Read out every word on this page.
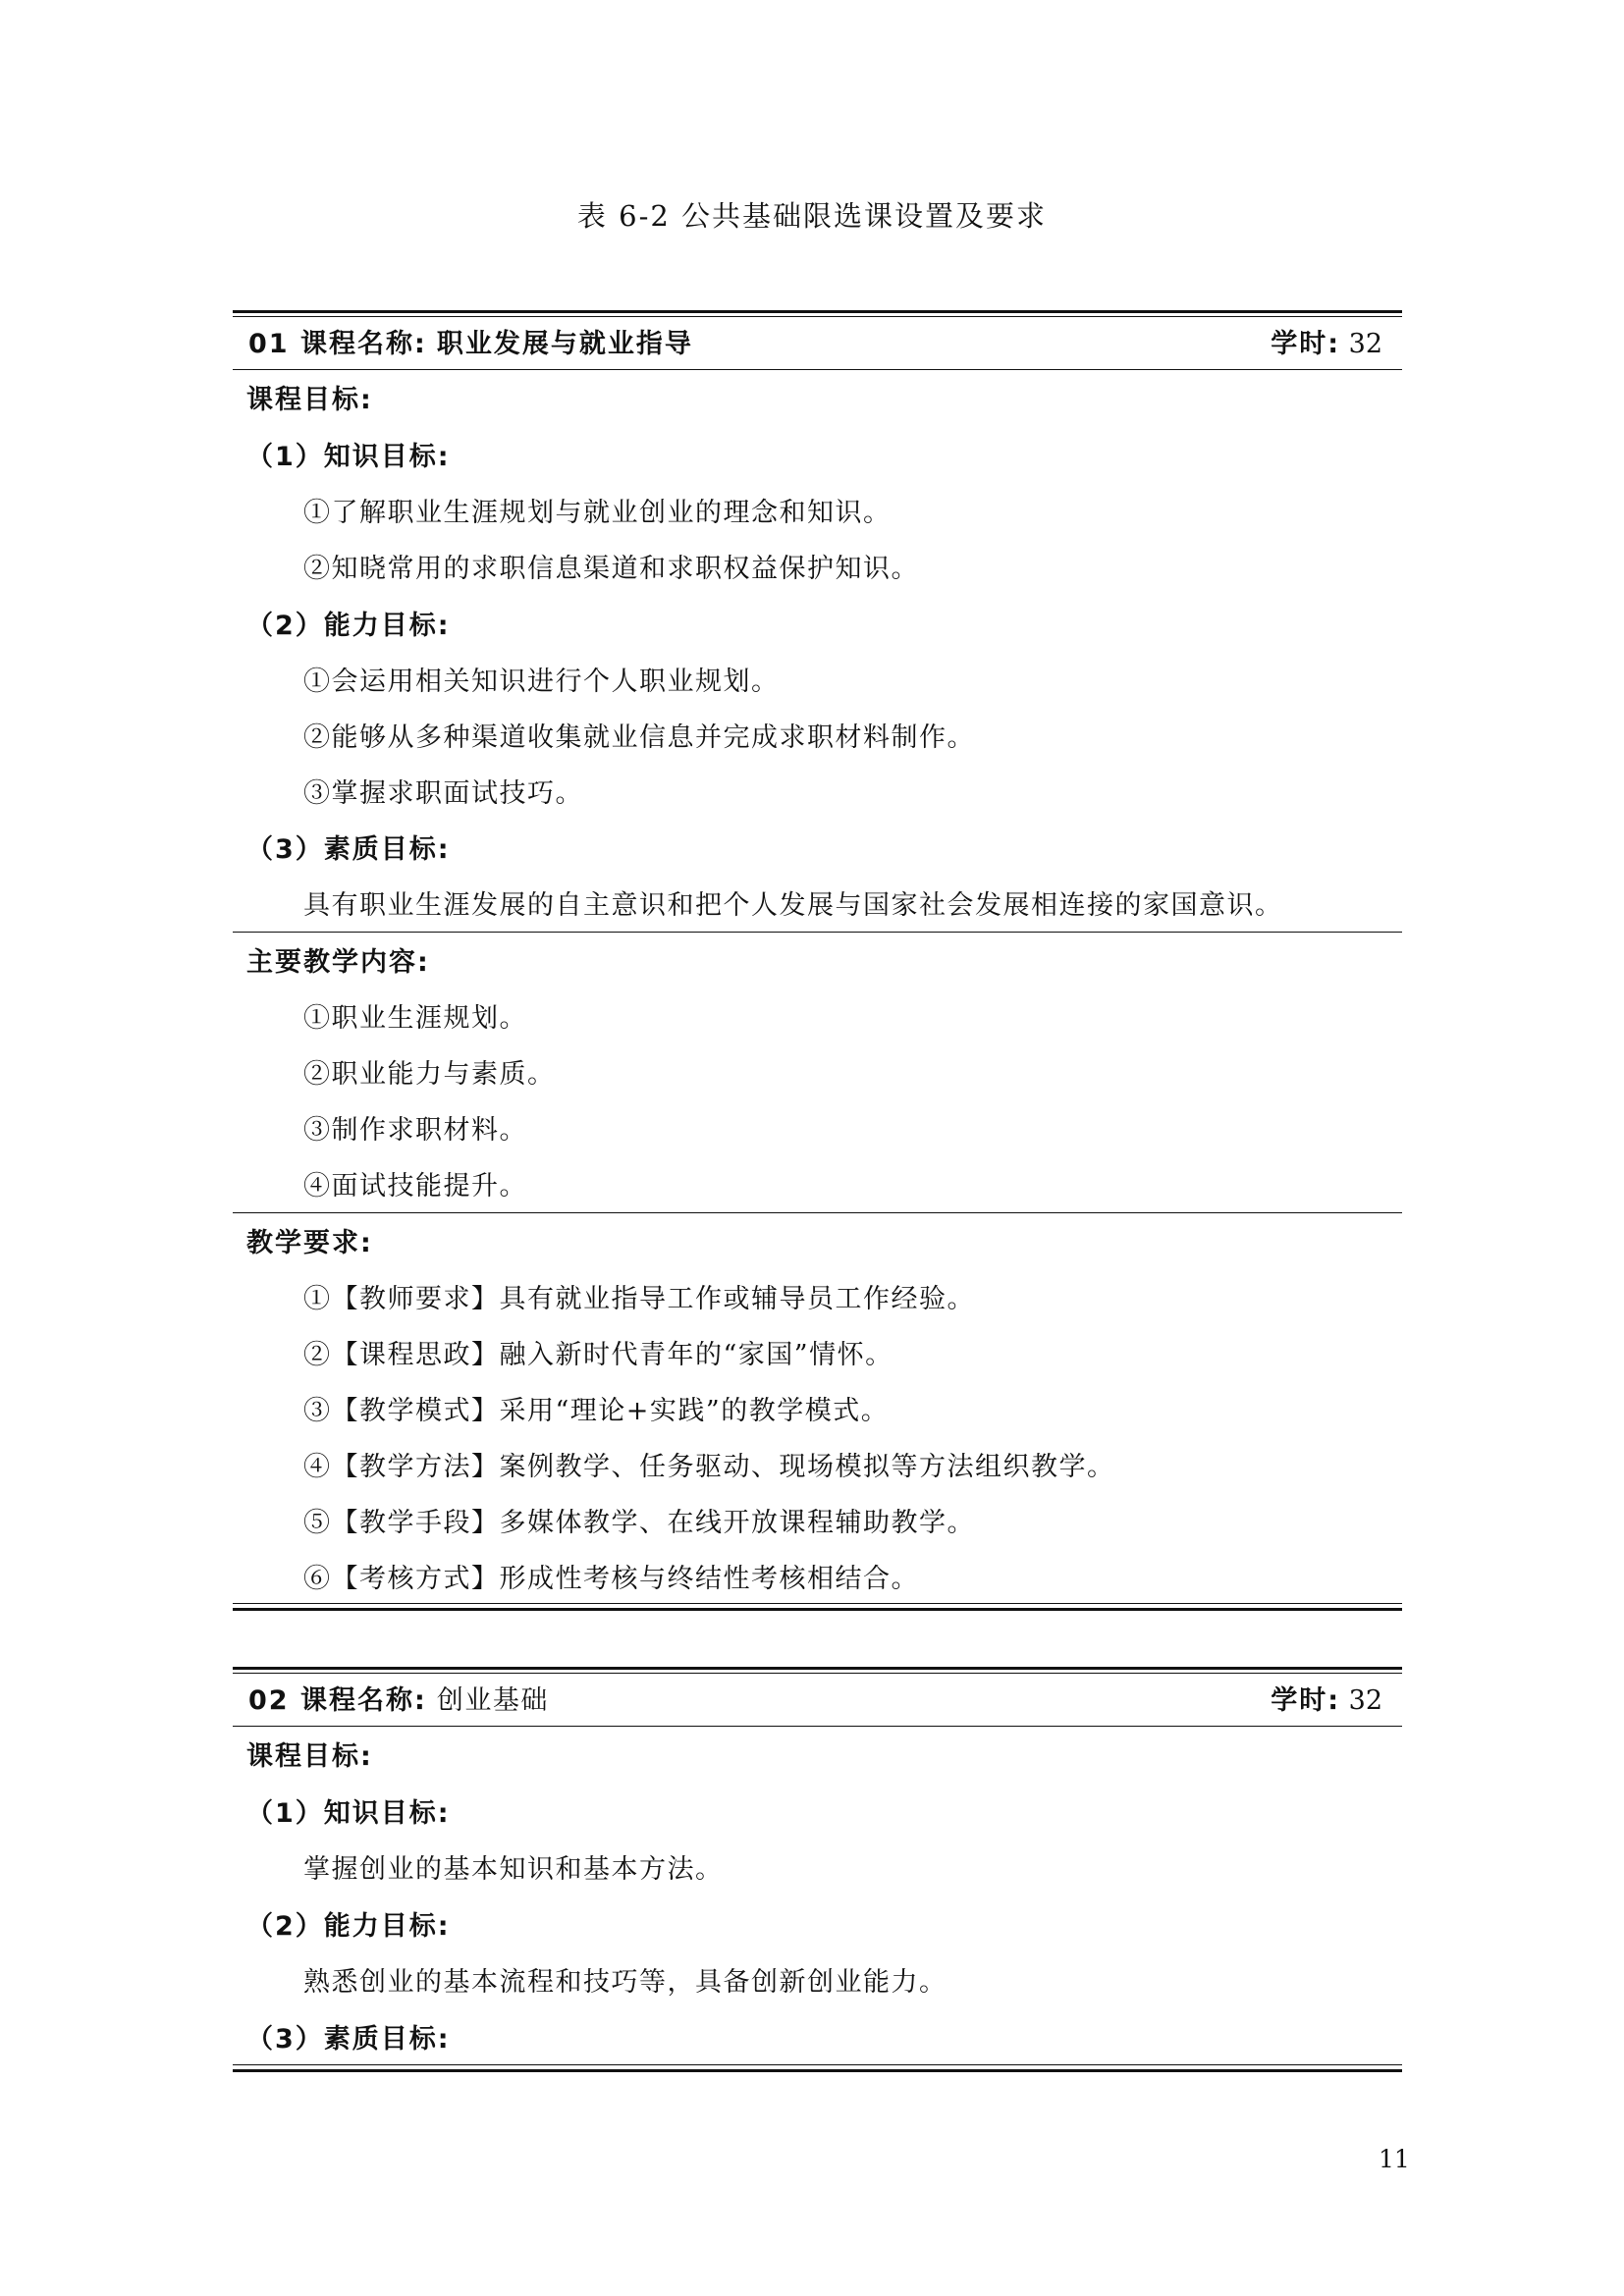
表 6-2 公共基础限选课设置及要求
01 课程名称: 职业发展与就业指导	学时: 32
课程目标:
（1）知识目标:
①了解职业生涯规划与就业创业的理念和知识。
②知晓常用的求职信息渠道和求职权益保护知识。
（2）能力目标:
①会运用相关知识进行个人职业规划。
②能够从多种渠道收集就业信息并完成求职材料制作。
③掌握求职面试技巧。
（3）素质目标:
具有职业生涯发展的自主意识和把个人发展与国家社会发展相连接的家国意识。
主要教学内容:
①职业生涯规划。
②职业能力与素质。
③制作求职材料。
④面试技能提升。
教学要求:
①【教师要求】具有就业指导工作或辅导员工作经验。
②【课程思政】融入新时代青年的“家国”情怀。
③【教学模式】采用“理论+实践”的教学模式。
④【教学方法】案例教学、任务驱动、现场模拟等方法组织教学。
⑤【教学手段】多媒体教学、在线开放课程辅助教学。
⑥【考核方式】形成性考核与终结性考核相结合。
02 课程名称: 创业基础	学时: 32
课程目标:
（1）知识目标:
掌握创业的基本知识和基本方法。
（2）能力目标:
熟悉创业的基本流程和技巧等，具备创新创业能力。
（3）素质目标:
11
